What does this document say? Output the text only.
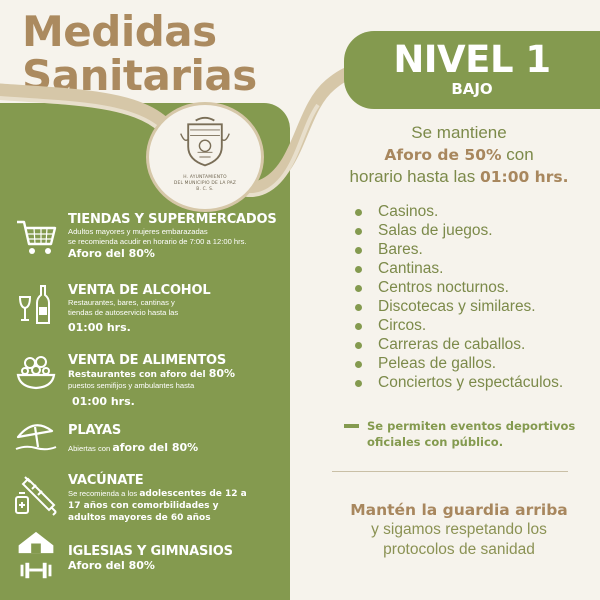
Medidas
Sanitarias
H. AYUNTAMIENTO
DEL MUNICIPIO DE LA PAZ
B. C. S.
TIENDAS Y SUPERMERCADOS

Adultos mayores y mujeres embarazadas

se recomienda acudir en horario de 7:00 a 12:00 hrs.

Aforo del 80%
VENTA DE ALCOHOL

Restaurantes, bares, cantinas y

tiendas de autoservicio hasta las

01:00 hrs.
VENTA DE ALIMENTOS
Restaurantes con aforo del 80%

puestos semifijos y ambulantes hasta

01:00 hrs.
PLAYAS
Abiertas con aforo del 80%
VACÚNATE
Se recomienda a los adolescentes de 12 a 17 años con comorbilidades y adultos mayores de 60 años
IGLESIAS Y GIMNASIOS
Aforo del 80%
NIVEL 1
BAJO
Se mantiene
Aforo de 50% con
horario hasta las 01:00 hrs.
Casinos.
Salas de juegos.
Bares.
Cantinas.
Centros nocturnos.
Discotecas y similares.
Circos.
Carreras de caballos.
Peleas de gallos.
Conciertos y espectáculos.

Se permiten eventos deportivos oficiales con público.

Mantén la guardia arriba
y sigamos respetando los
protocolos de sanidad
